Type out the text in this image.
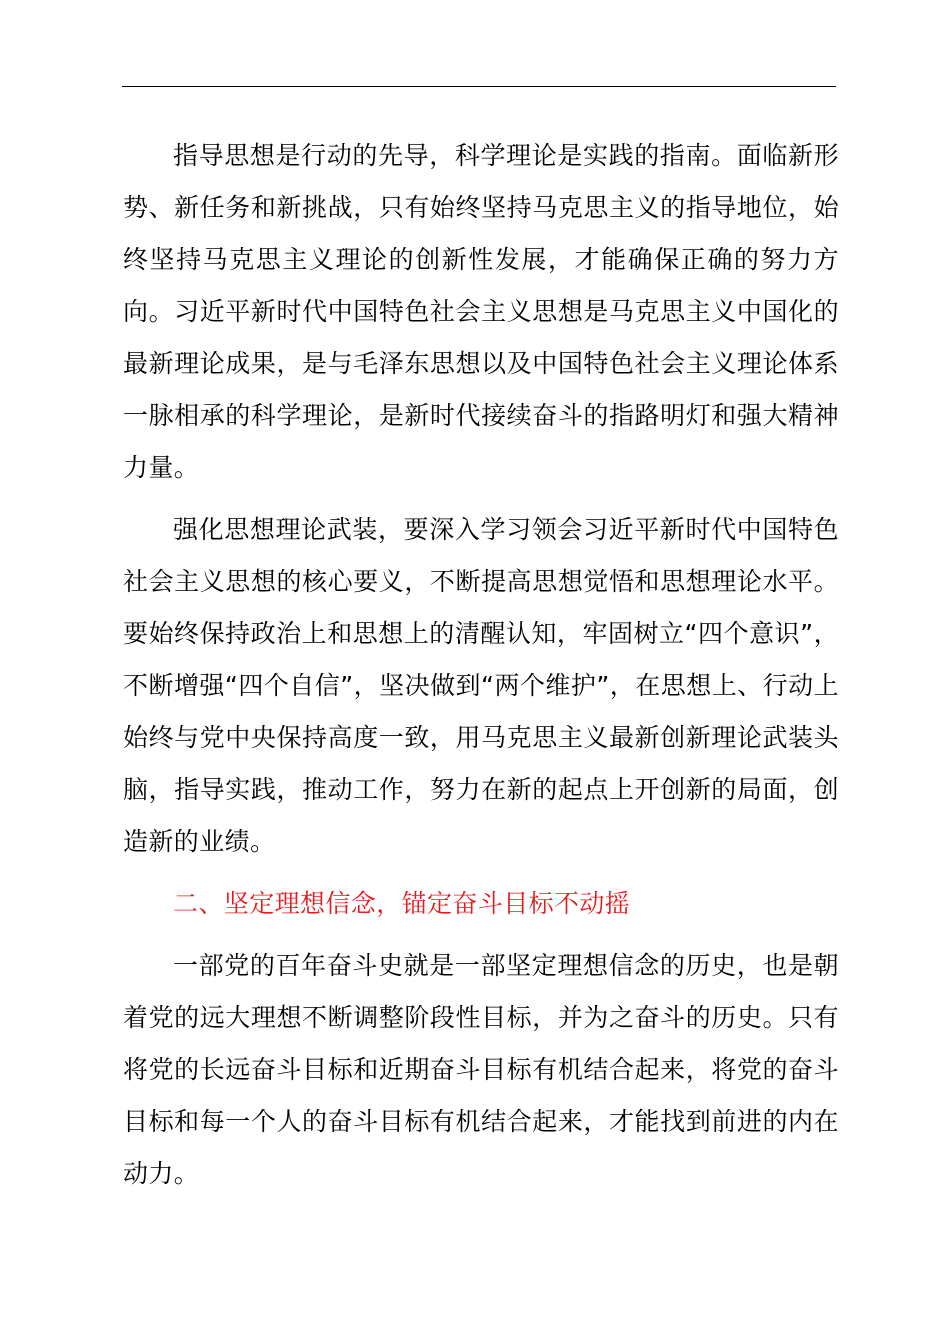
指导思想是行动的先导，科学理论是实践的指南。面临新形势、新任务和新挑战，只有始终坚持马克思主义的指导地位，始终坚持马克思主义理论的创新性发展，才能确保正确的努力方向。习近平新时代中国特色社会主义思想是马克思主义中国化的最新理论成果，是与毛泽东思想以及中国特色社会主义理论体系一脉相承的科学理论，是新时代接续奋斗的指路明灯和强大精神力量。

强化思想理论武装，要深入学习领会习近平新时代中国特色社会主义思想的核心要义，不断提高思想觉悟和思想理论水平。要始终保持政治上和思想上的清醒认知，牢固树立“四个意识”，不断增强“四个自信”，坚决做到“两个维护”，在思想上、行动上始终与党中央保持高度一致，用马克思主义最新创新理论武装头脑，指导实践，推动工作，努力在新的起点上开创新的局面，创造新的业绩。

二、坚定理想信念，锚定奋斗目标不动摇

一部党的百年奋斗史就是一部坚定理想信念的历史，也是朝着党的远大理想不断调整阶段性目标，并为之奋斗的历史。只有将党的长远奋斗目标和近期奋斗目标有机结合起来，将党的奋斗目标和每一个人的奋斗目标有机结合起来，才能找到前进的内在动力。
